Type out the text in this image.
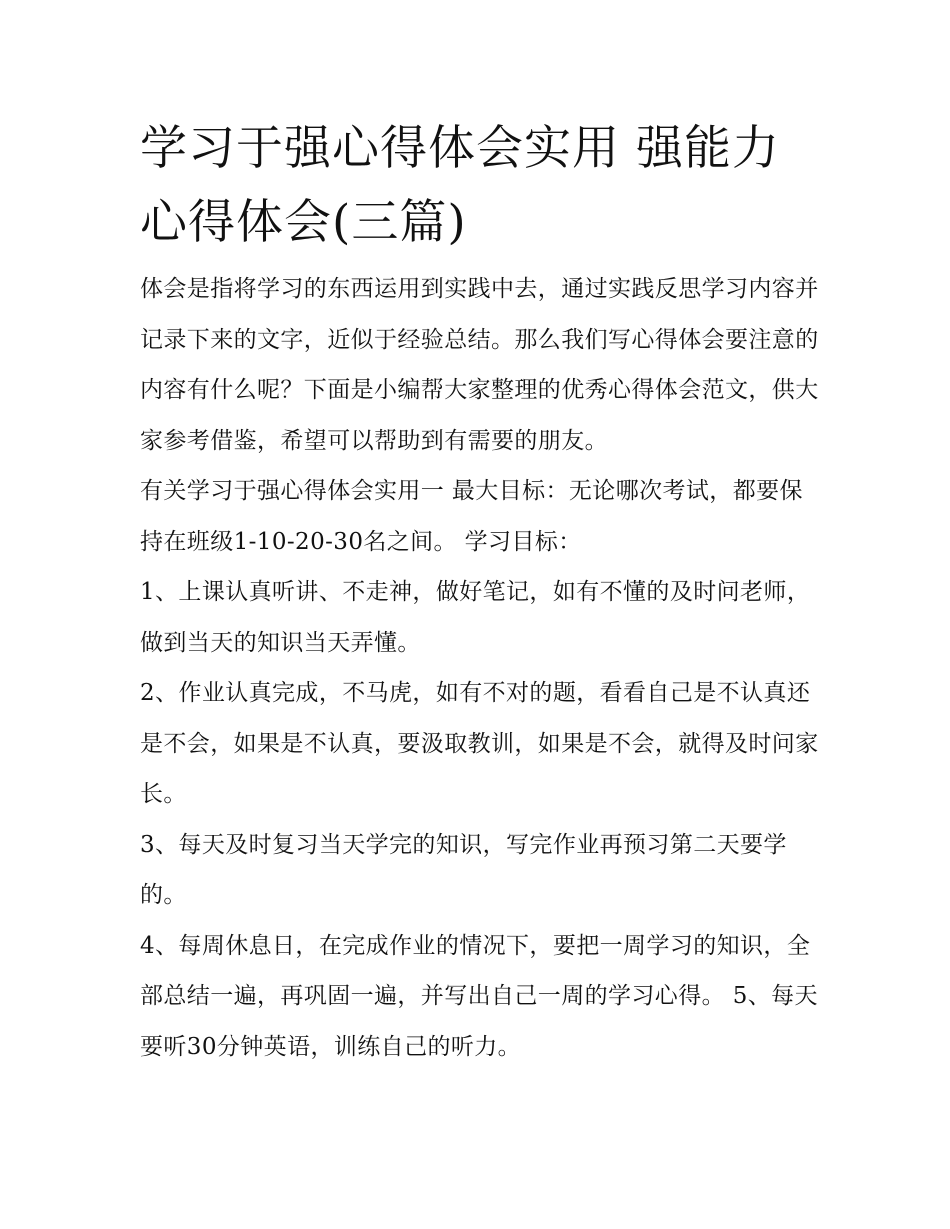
学习于强心得体会实用 强能力心得体会(三篇)

体会是指将学习的东西运用到实践中去，通过实践反思学习内容并记录下来的文字，近似于经验总结。那么我们写心得体会要注意的内容有什么呢？下面是小编帮大家整理的优秀心得体会范文，供大家参考借鉴，希望可以帮助到有需要的朋友。

有关学习于强心得体会实用一 最大目标：无论哪次考试，都要保持在班级1-10-20-30名之间。 学习目标：

1、上课认真听讲、不走神，做好笔记，如有不懂的及时问老师，做到当天的知识当天弄懂。

2、作业认真完成，不马虎，如有不对的题，看看自己是不认真还是不会，如果是不认真，要汲取教训，如果是不会，就得及时问家长。

3、每天及时复习当天学完的知识，写完作业再预习第二天要学的。

4、每周休息日，在完成作业的情况下，要把一周学习的知识，全部总结一遍，再巩固一遍，并写出自己一周的学习心得。 5、每天要听30分钟英语，训练自己的听力。
